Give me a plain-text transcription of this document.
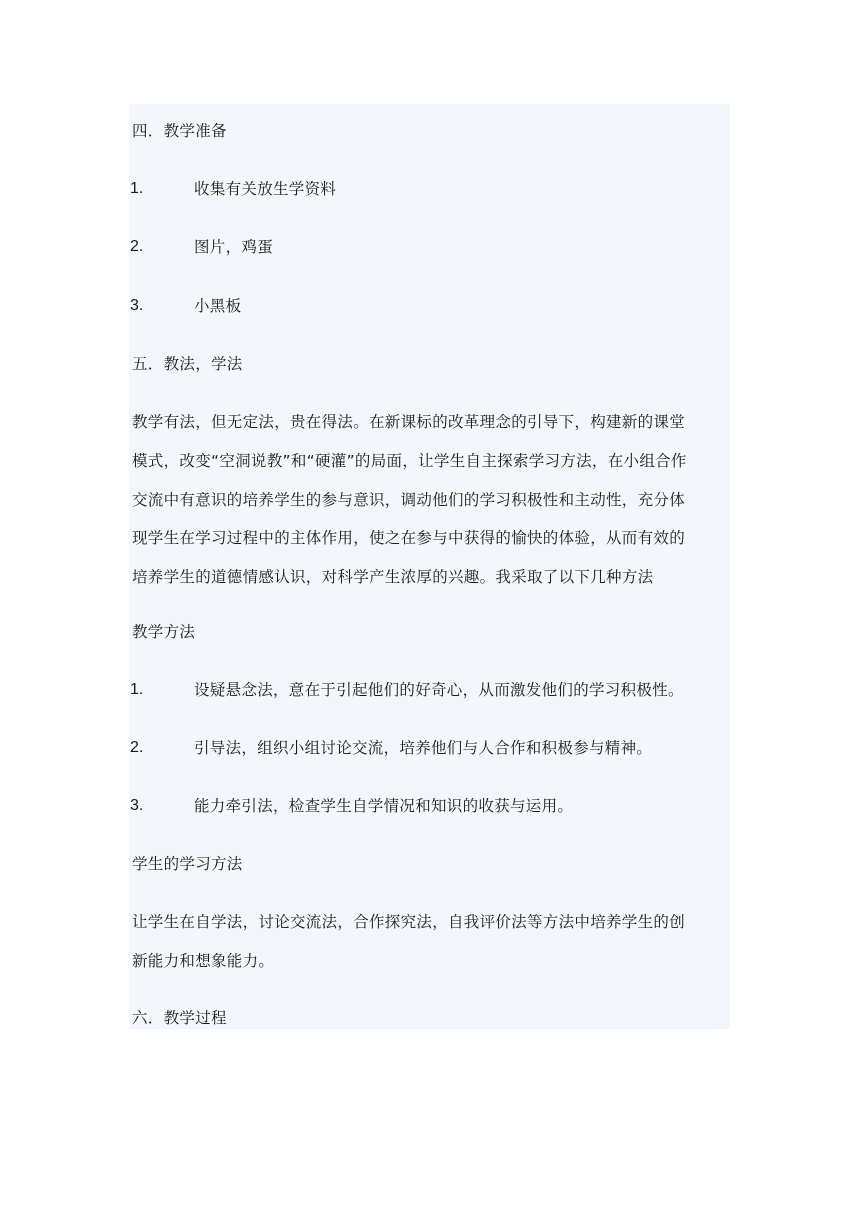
四．教学准备
1.	收集有关放生学资料
2.	图片，鸡蛋
3.	小黑板
五．教法，学法
教学有法，但无定法，贵在得法。在新课标的改革理念的引导下，构建新的课堂
模式，改变“空洞说教”和“硬灌”的局面，让学生自主探索学习方法，在小组合作
交流中有意识的培养学生的参与意识，调动他们的学习积极性和主动性，充分体
现学生在学习过程中的主体作用，使之在参与中获得的愉快的体验，从而有效的
培养学生的道德情感认识，对科学产生浓厚的兴趣。我采取了以下几种方法
教学方法
1.	设疑悬念法，意在于引起他们的好奇心，从而激发他们的学习积极性。
2.	引导法，组织小组讨论交流，培养他们与人合作和积极参与精神。
3.	能力牵引法，检查学生自学情况和知识的收获与运用。
学生的学习方法
让学生在自学法，讨论交流法，合作探究法，自我评价法等方法中培养学生的创
新能力和想象能力。
六．教学过程
